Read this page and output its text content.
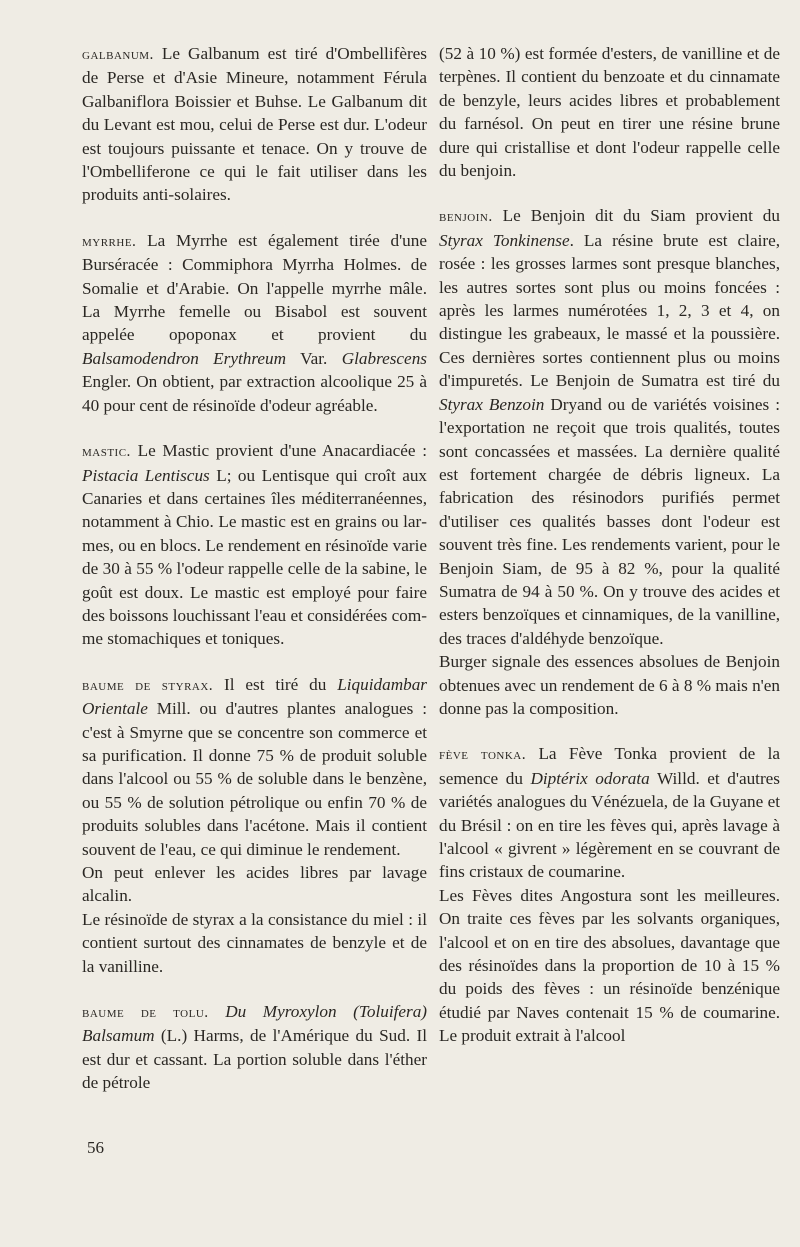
galbanum. Le Galbanum est tiré d'Ombellifères de Perse et d'Asie Mineure, notamment Férula Galbaniflora Boissier et Buhse. Le Galbanum dit du Levant est mou, celui de Perse est dur. L'odeur est toujours puissante et tenace. On y trouve de l'Ombelliferone ce qui le fait utiliser dans les produits anti-solaires.

myrrhe. La Myrrhe est également tirée d'une Burséracée : Commiphora Myrrha Holmes. de Somalie et d'Arabie. On l'appelle myrrhe mâle. La Myrrhe femelle ou Bisabol est souvent appelée opoponax et provient du Balsamodendron Erythreum Var. Glabrescens Engler. On obtient, par extraction alcoolique 25 à 40 pour cent de résinoïde d'odeur agréable.

mastic. Le Mastic provient d'une Anacardiacée : Pistacia Lentiscus L; ou Lentisque qui croît aux Canaries et dans certaines îles méditerranéennes, notamment à Chio. Le mastic est en grains ou larmes, ou en blocs. Le rendement en résinoïde varie de 30 à 55 % l'odeur rappelle celle de la sabine, le goût est doux. Le mastic est employé pour faire des boissons louchissant l'eau et considérées comme stomachiques et toniques.

baume de styrax. Il est tiré du Liquidambar Orientale Mill. ou d'autres plantes analogues : c'est à Smyrne que se concentre son commerce et sa purification. Il donne 75 % de produit soluble dans l'alcool ou 55 % de soluble dans le benzène, ou 55 % de solution pétrolique ou enfin 70 % de produits solubles dans l'acétone. Mais il contient souvent de l'eau, ce qui diminue le rendement.

On peut enlever les acides libres par lavage alcalin.

Le résinoïde de styrax a la consistance du miel : il contient surtout des cinnamates de benzyle et de la vanilline.

baume de tolu. Du Myroxylon (Toluifera) Balsamum (L.) Harms, de l'Amérique du Sud. Il est dur et cassant. La portion soluble dans l'éther de pétrole

(52 à 10 %) est formée d'esters, de vanilline et de terpènes. Il contient du benzoate et du cinnamate de benzyle, leurs acides libres et probablement du farnésol. On peut en tirer une résine brune dure qui cristallise et dont l'odeur rappelle celle du benjoin.

benjoin. Le Benjoin dit du Siam provient du Styrax Tonkinense. La résine brute est claire, rosée : les grosses larmes sont presque blanches, les autres sortes sont plus ou moins foncées : après les larmes numérotées 1, 2, 3 et 4, on distingue les grabeaux, le massé et la poussière. Ces dernières sortes contiennent plus ou moins d'impuretés. Le Benjoin de Sumatra est tiré du Styrax Benzoin Dryand ou de variétés voisines : l'exportation ne reçoit que trois qualités, toutes sont concassées et massées. La dernière qualité est fortement chargée de débris ligneux. La fabrication des résinodors purifiés permet d'utiliser ces qualités basses dont l'odeur est souvent très fine. Les rendements varient, pour le Benjoin Siam, de 95 à 82 %, pour la qualité Sumatra de 94 à 50 %. On y trouve des acides et esters benzoïques et cinnamiques, de la vanilline, des traces d'aldéhyde benzoïque.

Burger signale des essences absolues de Benjoin obtenues avec un rendement de 6 à 8 % mais n'en donne pas la composition.

fève tonka. La Fève Tonka provient de la semence du Diptérix odorata Willd. et d'autres variétés analogues du Vénézuela, de la Guyane et du Brésil : on en tire les fèves qui, après lavage à l'alcool « givrent » légèrement en se couvrant de fins cristaux de coumarine.

Les Fèves dites Angostura sont les meilleures. On traite ces fèves par les solvants organiques, l'alcool et on en tire des absolues, davantage que des résinoïdes dans la proportion de 10 à 15 % du poids des fèves : un résinoïde benzénique étudié par Naves contenait 15 % de coumarine. Le produit extrait à l'alcool

56
